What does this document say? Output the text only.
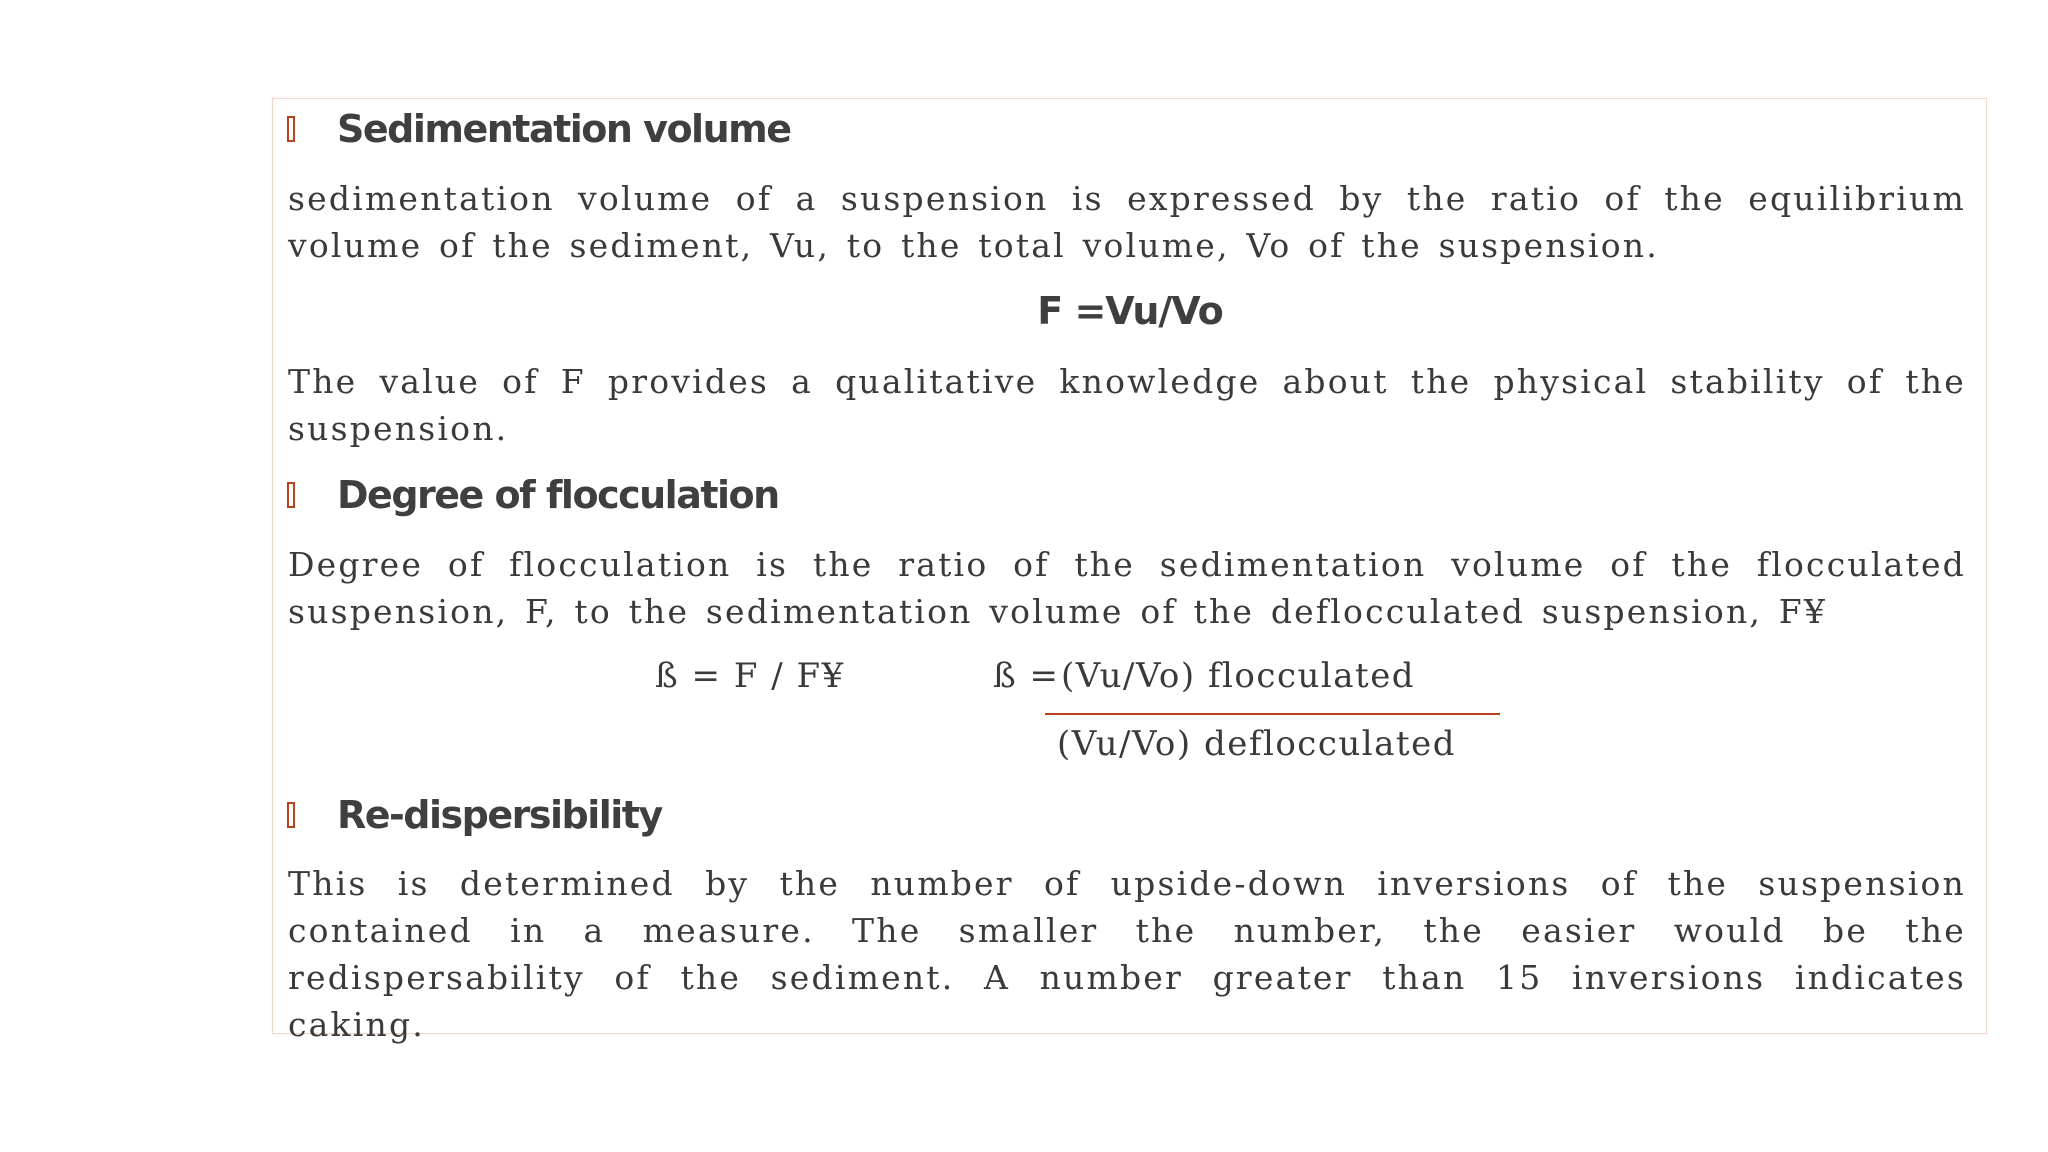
Sedimentation volume

sedimentation volume of a suspension is expressed by the ratio of the equilibrium volume of the sediment, Vu, to the total volume, Vo of the suspension.

F =Vu/Vo

The value of F provides a qualitative knowledge about the physical stability of the suspension.

Degree of flocculation

Degree of flocculation is the ratio of the sedimentation volume of the flocculated suspension, F, to the sedimentation volume of the deflocculated suspension, F¥

ß = F / F¥	ß = (Vu/Vo) flocculated
(Vu/Vo) deflocculated
Re-dispersibility

This is determined by the number of upside-down inversions of the suspension contained in a measure. The smaller the number, the easier would be the redispersability of the sediment. A number greater than 15 inversions indicates caking.
